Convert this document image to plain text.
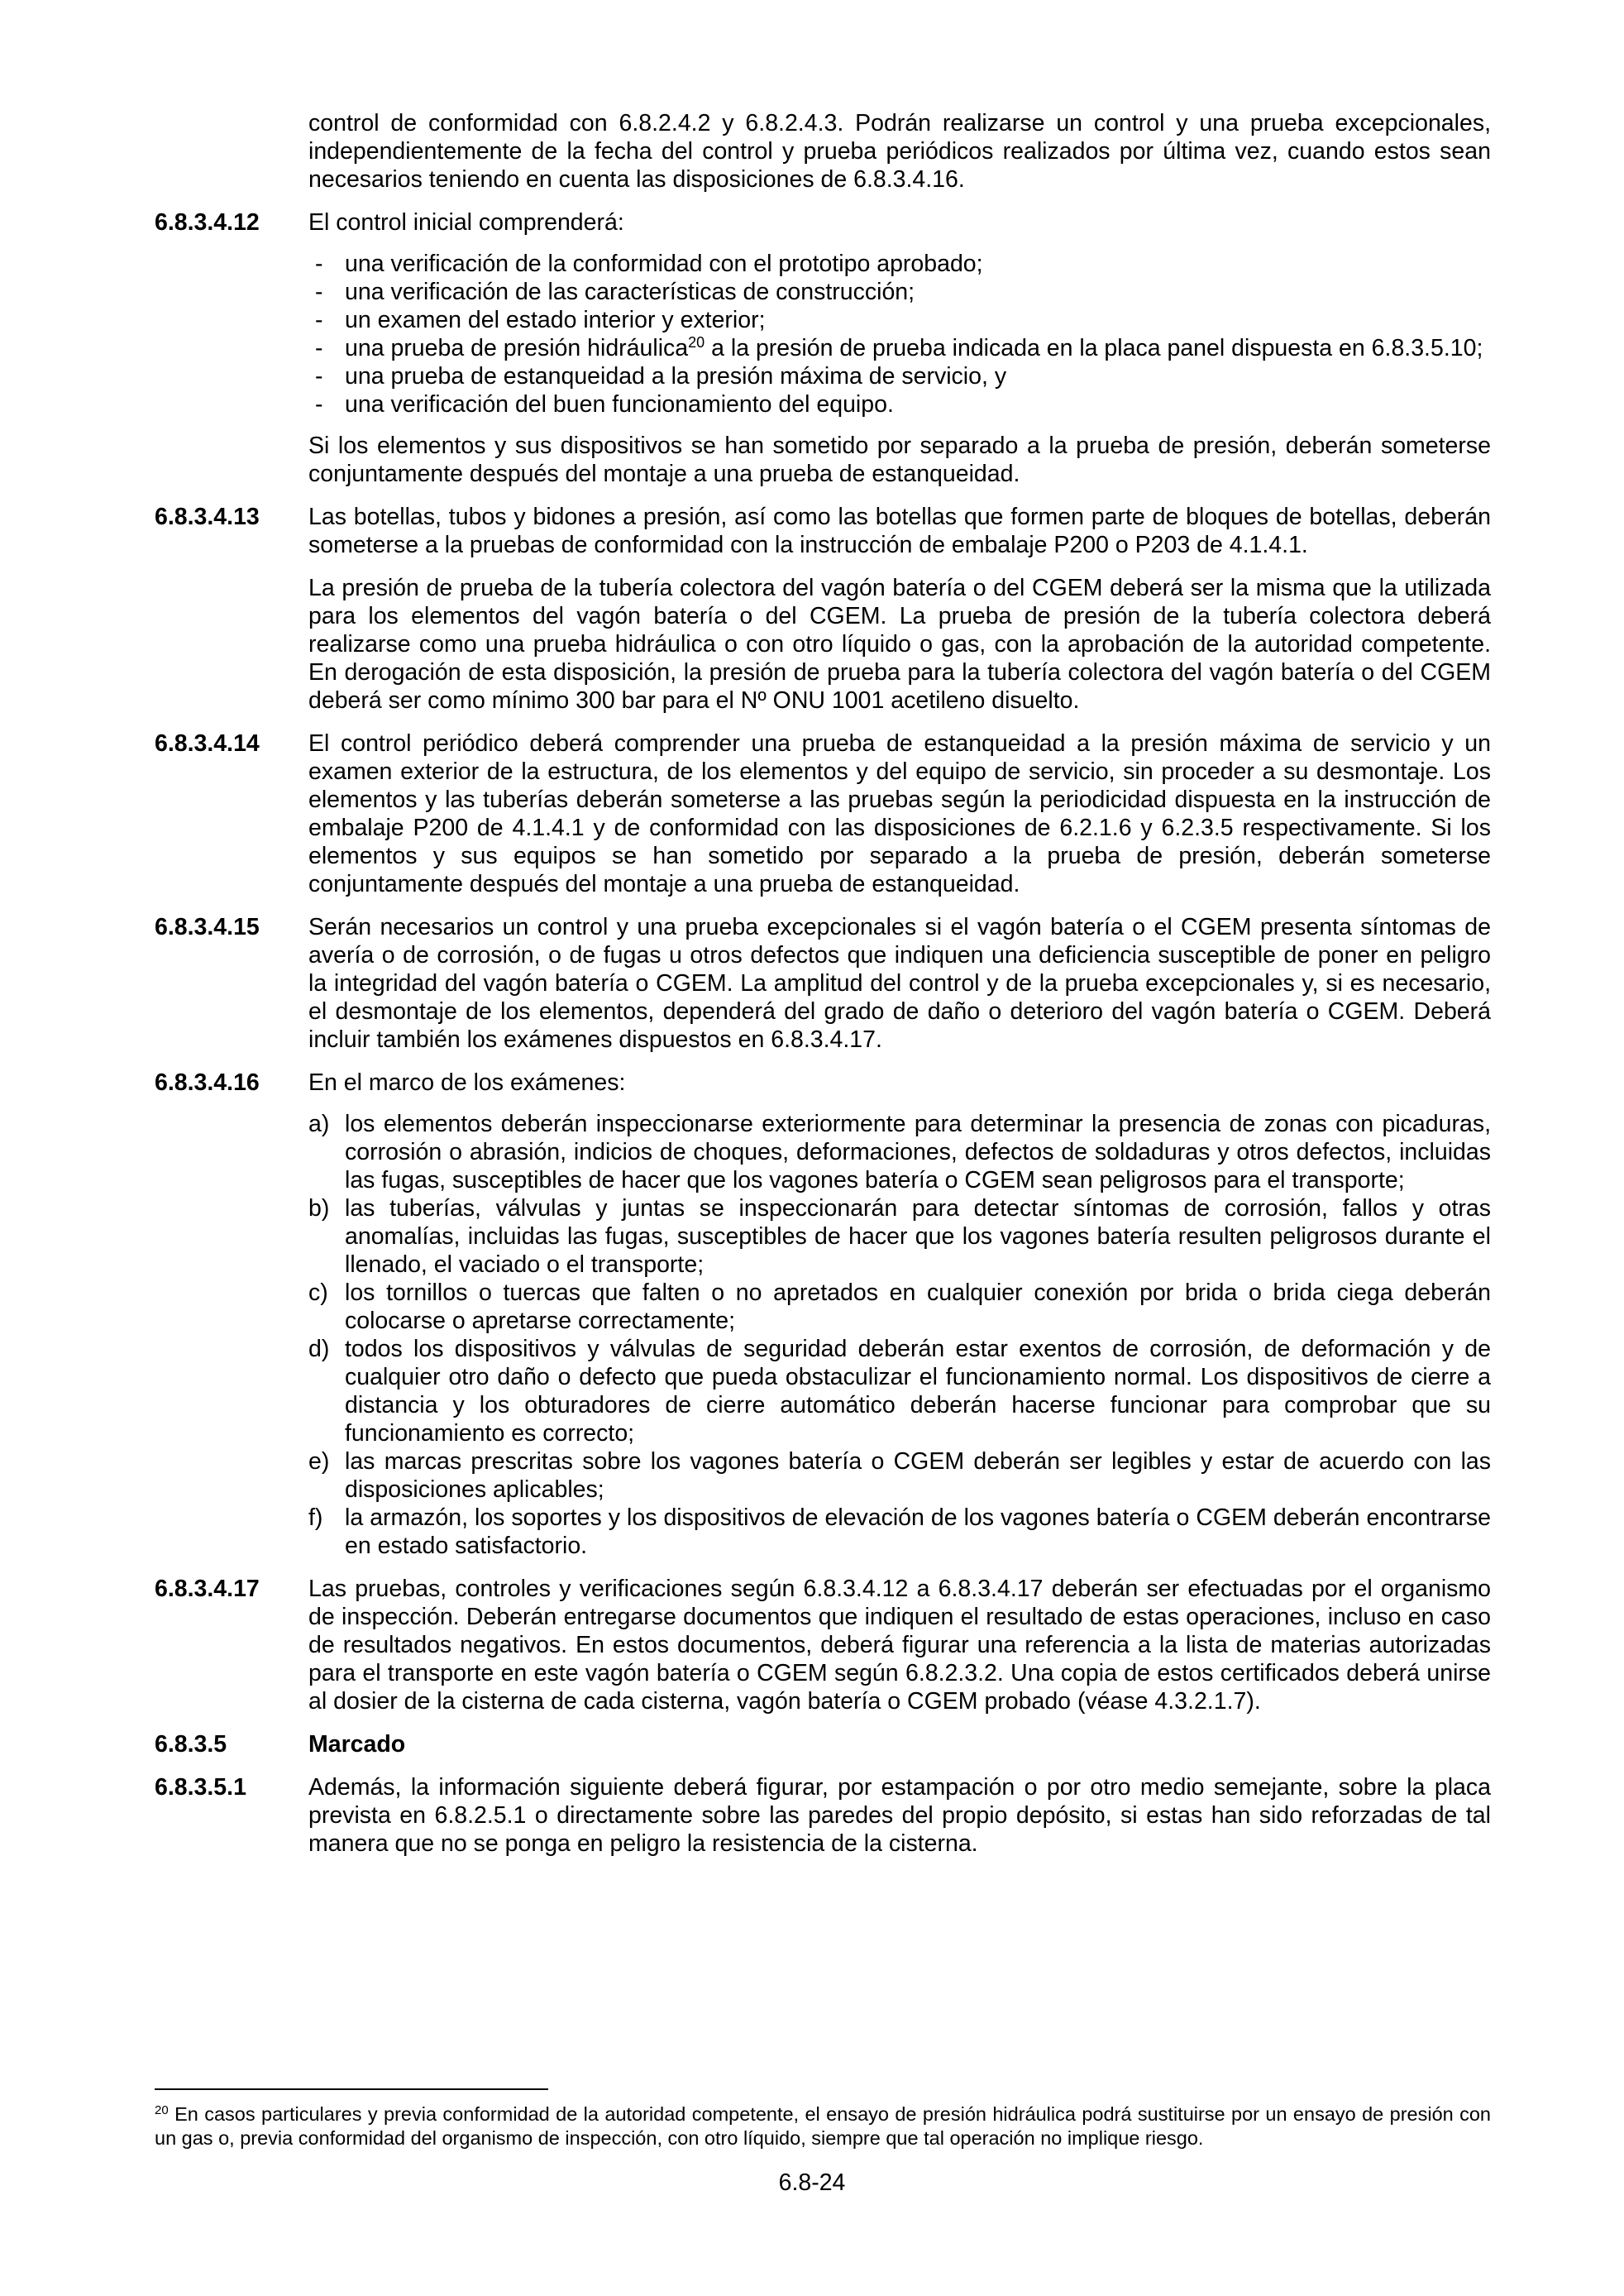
control de conformidad con 6.8.2.4.2 y 6.8.2.4.3. Podrán realizarse un control y una prueba excepcionales, independientemente de la fecha del control y prueba periódicos realizados por última vez, cuando estos sean necesarios teniendo en cuenta las disposiciones de 6.8.3.4.16.

6.8.3.4.12 El control inicial comprenderá:

- una verificación de la conformidad con el prototipo aprobado;
- una verificación de las características de construcción;
- un examen del estado interior y exterior;
- una prueba de presión hidráulica$^{20}$ a la presión de prueba indicada en la placa panel dispuesta en 6.8.3.5.10;
- una prueba de estanqueidad a la presión máxima de servicio, y
- una verificación del buen funcionamiento del equipo.

Si los elementos y sus dispositivos se han sometido por separado a la prueba de presión, deberán someterse conjuntamente después del montaje a una prueba de estanqueidad.

6.8.3.4.13 Las botellas, tubos y bidones a presión, así como las botellas que formen parte de bloques de botellas, deberán someterse a la pruebas de conformidad con la instrucción de embalaje P200 o P203 de 4.1.4.1.

La presión de prueba de la tubería colectora del vagón batería o del CGEM deberá ser la misma que la utilizada para los elementos del vagón batería o del CGEM. La prueba de presión de la tubería colectora deberá realizarse como una prueba hidráulica o con otro líquido o gas, con la aprobación de la autoridad competente. En derogación de esta disposición, la presión de prueba para la tubería colectora del vagón batería o del CGEM deberá ser como mínimo 300 bar para el Nº ONU 1001 acetileno disuelto.

6.8.3.4.14 El control periódico deberá comprender una prueba de estanqueidad a la presión máxima de servicio y un examen exterior de la estructura, de los elementos y del equipo de servicio, sin proceder a su desmontaje. Los elementos y las tuberías deberán someterse a las pruebas según la periodicidad dispuesta en la instrucción de embalaje P200 de 4.1.4.1 y de conformidad con las disposiciones de 6.2.1.6 y 6.2.3.5 respectivamente. Si los elementos y sus equipos se han sometido por separado a la prueba de presión, deberán someterse conjuntamente después del montaje a una prueba de estanqueidad.

6.8.3.4.15 Serán necesarios un control y una prueba excepcionales si el vagón batería o el CGEM presenta síntomas de avería o de corrosión, o de fugas u otros defectos que indiquen una deficiencia susceptible de poner en peligro la integridad del vagón batería o CGEM. La amplitud del control y de la prueba excepcionales y, si es necesario, el desmontaje de los elementos, dependerá del grado de daño o deterioro del vagón batería o CGEM. Deberá incluir también los exámenes dispuestos en 6.8.3.4.17.

6.8.3.4.16 En el marco de los exámenes:

a) los elementos deberán inspeccionarse exteriormente para determinar la presencia de zonas con picaduras, corrosión o abrasión, indicios de choques, deformaciones, defectos de soldaduras y otros defectos, incluidas las fugas, susceptibles de hacer que los vagones batería o CGEM sean peligrosos para el transporte;
b) las tuberías, válvulas y juntas se inspeccionarán para detectar síntomas de corrosión, fallos y otras anomalías, incluidas las fugas, susceptibles de hacer que los vagones batería resulten peligrosos durante el llenado, el vaciado o el transporte;
c) los tornillos o tuercas que falten o no apretados en cualquier conexión por brida o brida ciega deberán colocarse o apretarse correctamente;
d) todos los dispositivos y válvulas de seguridad deberán estar exentos de corrosión, de deformación y de cualquier otro daño o defecto que pueda obstaculizar el funcionamiento normal. Los dispositivos de cierre a distancia y los obturadores de cierre automático deberán hacerse funcionar para comprobar que su funcionamiento es correcto;
e) las marcas prescritas sobre los vagones batería o CGEM deberán ser legibles y estar de acuerdo con las disposiciones aplicables;
f) la armazón, los soportes y los dispositivos de elevación de los vagones batería o CGEM deberán encontrarse en estado satisfactorio.
6.8.3.4.17 Las pruebas, controles y verificaciones según 6.8.3.4.12 a 6.8.3.4.17 deberán ser efectuadas por el organismo de inspección. Deberán entregarse documentos que indiquen el resultado de estas operaciones, incluso en caso de resultados negativos. En estos documentos, deberá figurar una referencia a la lista de materias autorizadas para el transporte en este vagón batería o CGEM según 6.8.2.3.2. Una copia de estos certificados deberá unirse al dosier de la cisterna de cada cisterna, vagón batería o CGEM probado (véase 4.3.2.1.7).

6.8.3.5	Marcado

6.8.3.5.1	Además, la información siguiente deberá figurar, por estampación o por otro medio semejante, sobre la placa prevista en 6.8.2.5.1 o directamente sobre las paredes del propio depósito, si estas han sido reforzadas de tal manera que no se ponga en peligro la resistencia de la cisterna.

$^{20}$ En casos particulares y previa conformidad de la autoridad competente, el ensayo de presión hidráulica podrá sustituirse por un ensayo de presión con un gas o, previa conformidad del organismo de inspección, con otro líquido, siempre que tal operación no implique riesgo.
6.8-24
